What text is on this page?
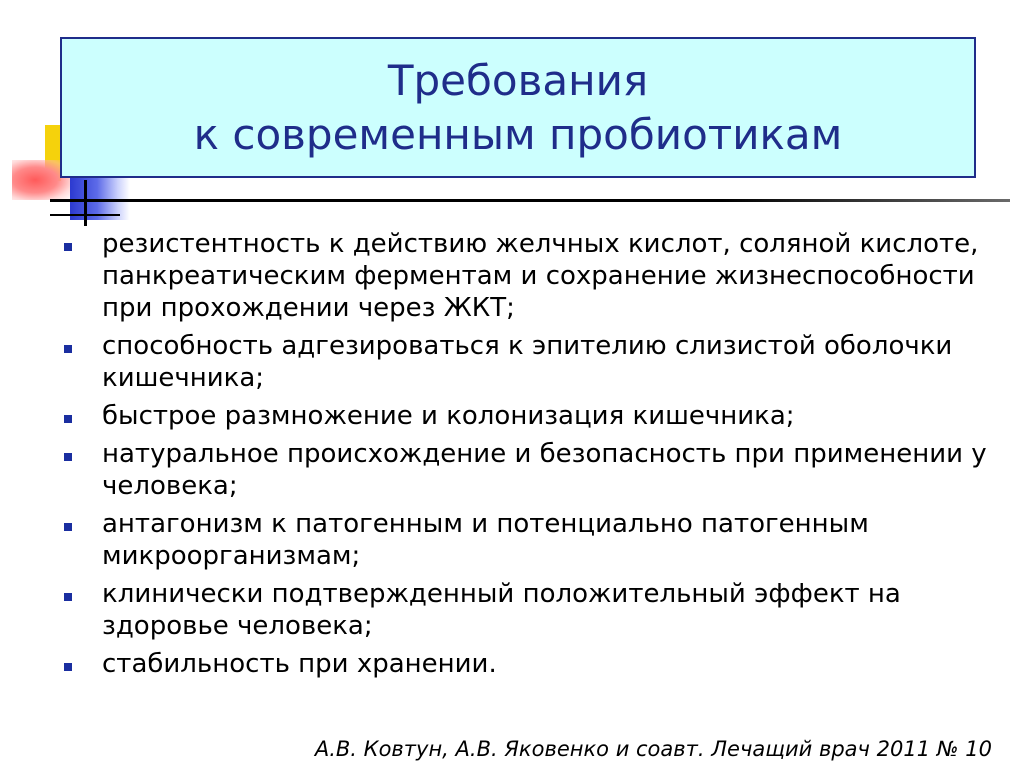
Требования
к современным пробиотикам
резистентность к действию желчных кислот, соляной кислоте, панкреатическим ферментам и сохранение жизнеспособности при прохождении через ЖКТ;
способность адгезироваться к эпителию слизистой оболочки кишечника;
быстрое размножение и колонизация кишечника;
натуральное происхождение и безопасность при применении у человека;
антагонизм к патогенным и потенциально патогенным микроорганизмам;
клинически подтвержденный положительный эффект на здоровье человека;
стабильность при хранении.
А.В. Ковтун, А.В. Яковенко и соавт. Лечащий врач 2011 № 10
